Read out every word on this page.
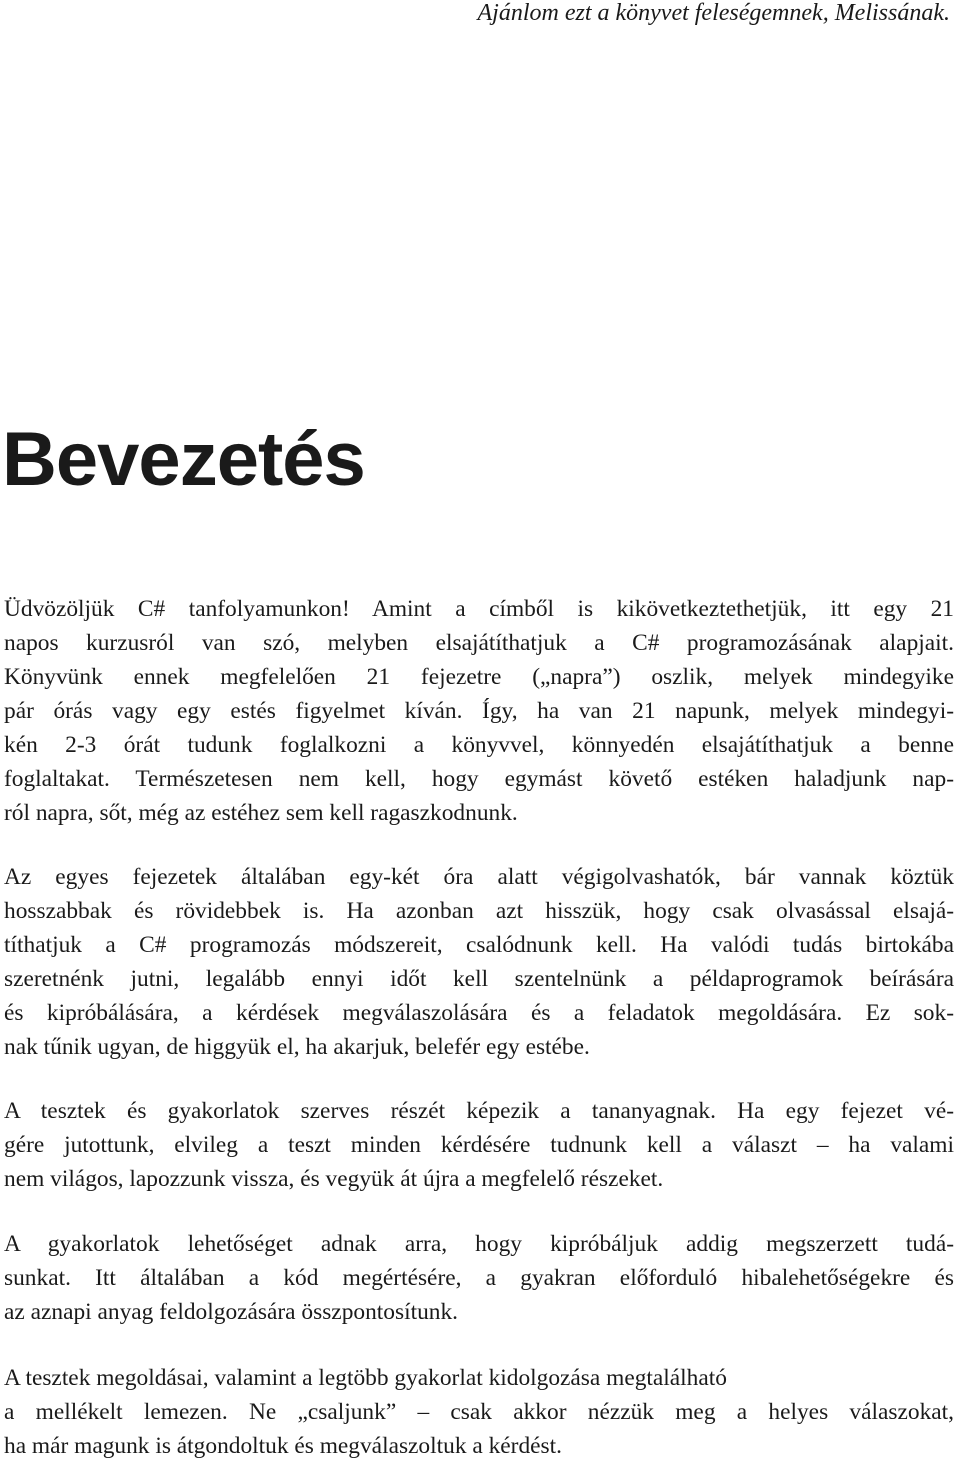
Ajánlom ezt a könyvet feleségemnek, Melissának.

Bevezetés

Üdvözöljük C# tanfolyamunkon! Amint a címből is kikövetkeztethetjük, itt egy 21
napos kurzusról van szó, melyben elsajátíthatjuk a C# programozásának alapjait.
Könyvünk ennek megfelelően 21 fejezetre („napra”) oszlik, melyek mindegyike
pár órás vagy egy estés figyelmet kíván. Így, ha van 21 napunk, melyek mindegyi-
kén 2-3 órát tudunk foglalkozni a könyvvel, könnyedén elsajátíthatjuk a benne
foglaltakat. Természetesen nem kell, hogy egymást követő estéken haladjunk nap-
ról napra, sőt, még az estéhez sem kell ragaszkodnunk.

Az egyes fejezetek általában egy-két óra alatt végigolvashatók, bár vannak köztük
hosszabbak és rövidebbek is. Ha azonban azt hisszük, hogy csak olvasással elsajá-
títhatjuk a C# programozás módszereit, csalódnunk kell. Ha valódi tudás birtokába
szeretnénk jutni, legalább ennyi időt kell szentelnünk a példaprogramok beírására
és kipróbálására, a kérdések megválaszolására és a feladatok megoldására. Ez sok-
nak tűnik ugyan, de higgyük el, ha akarjuk, belefér egy estébe.

A tesztek és gyakorlatok szerves részét képezik a tananyagnak. Ha egy fejezet vé-
gére jutottunk, elvileg a teszt minden kérdésére tudnunk kell a választ – ha valami
nem világos, lapozzunk vissza, és vegyük át újra a megfelelő részeket.

A gyakorlatok lehetőséget adnak arra, hogy kipróbáljuk addig megszerzett tudá-
sunkat. Itt általában a kód megértésére, a gyakran előforduló hibalehetőségekre és
az aznapi anyag feldolgozására összpontosítunk.

A tesztek megoldásai, valamint a legtöbb gyakorlat kidolgozása megtalálható
a mellékelt lemezen. Ne „csaljunk” – csak akkor nézzük meg a helyes válaszokat,
ha már magunk is átgondoltuk és megválaszoltuk a kérdést.
